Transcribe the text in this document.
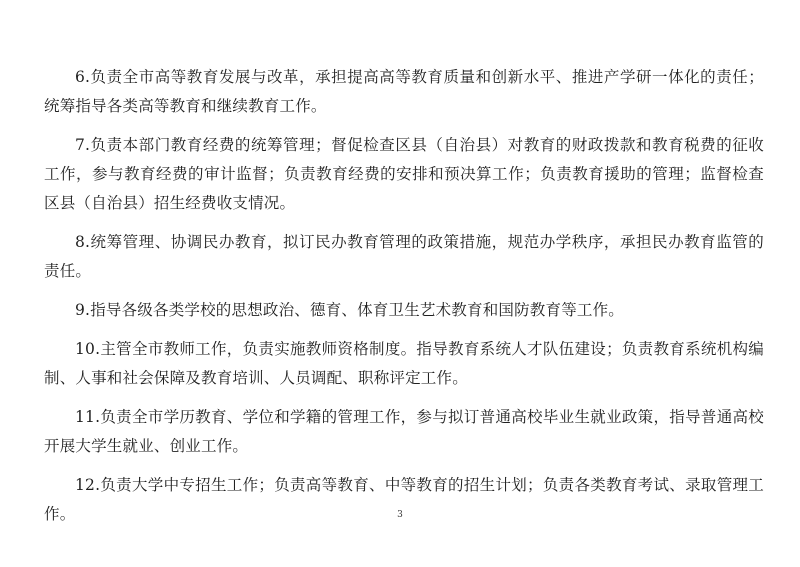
6.负责全市高等教育发展与改革，承担提高高等教育质量和创新水平、推进产学研一体化的责任；统筹指导各类高等教育和继续教育工作。

7.负责本部门教育经费的统筹管理；督促检查区县（自治县）对教育的财政拨款和教育税费的征收工作，参与教育经费的审计监督；负责教育经费的安排和预决算工作；负责教育援助的管理；监督检查区县（自治县）招生经费收支情况。

8.统筹管理、协调民办教育，拟订民办教育管理的政策措施，规范办学秩序，承担民办教育监管的责任。

9.指导各级各类学校的思想政治、德育、体育卫生艺术教育和国防教育等工作。

10.主管全市教师工作，负责实施教师资格制度。指导教育系统人才队伍建设；负责教育系统机构编制、人事和社会保障及教育培训、人员调配、职称评定工作。

11.负责全市学历教育、学位和学籍的管理工作，参与拟订普通高校毕业生就业政策，指导普通高校开展大学生就业、创业工作。

12.负责大学中专招生工作；负责高等教育、中等教育的招生计划；负责各类教育考试、录取管理工作。	3
